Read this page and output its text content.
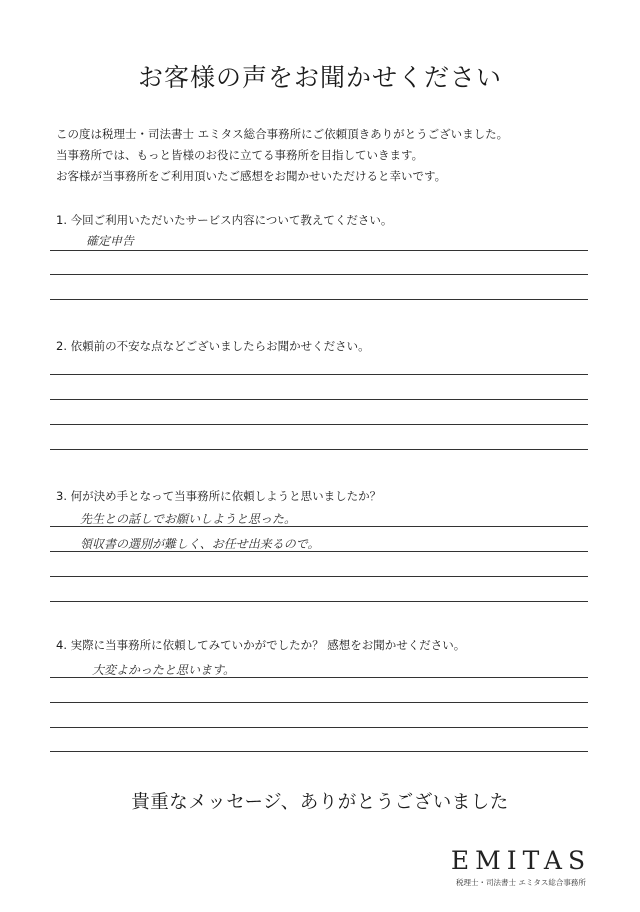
お客様の声をお聞かせください
この度は税理士・司法書士 エミタス総合事務所にご依頼頂きありがとうございました。
当事務所では、もっと皆様のお役に立てる事務所を目指していきます。
お客様が当事務所をご利用頂いたご感想をお聞かせいただけると幸いです。
1. 今回ご利用いただいたサービス内容について教えてください。
確定申告
2. 依頼前の不安な点などございましたらお聞かせください。
3. 何が決め手となって当事務所に依頼しようと思いましたか？
先生との話しでお願いしようと思った。
領収書の選別が難しく、お任せ出来るので。
4. 実際に当事務所に依頼してみていかがでしたか？ 感想をお聞かせください。
大変よかったと思います。
貴重なメッセージ、ありがとうございました
EMITAS
税理士・司法書士 エミタス総合事務所
